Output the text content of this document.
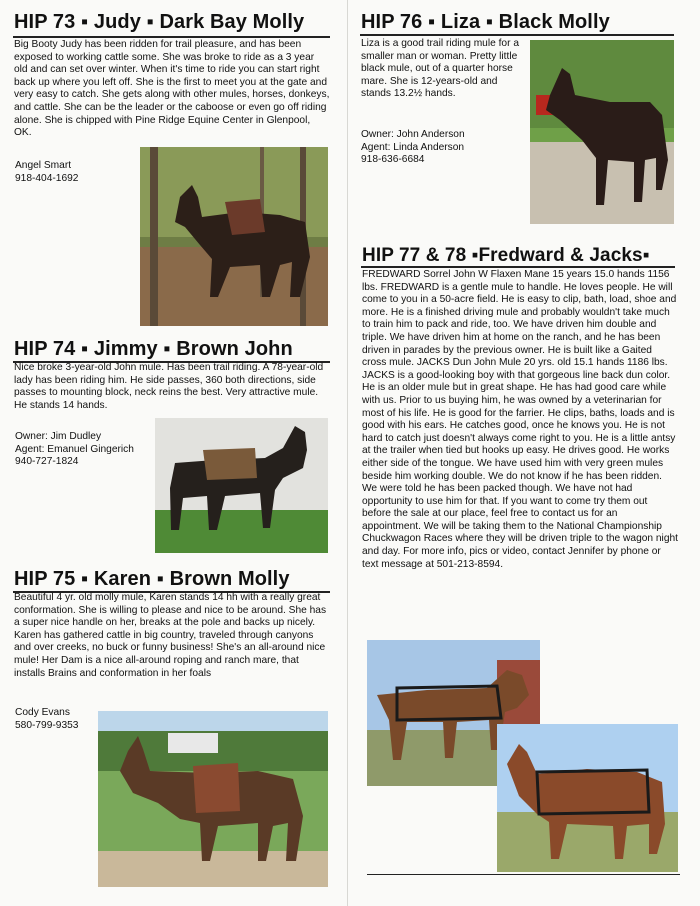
HIP 73 ▪ Judy ▪ Dark Bay Molly

Big Booty Judy has been ridden for trail pleasure, and has been exposed to working cattle some. She was broke to ride as a 3 year old and can set over winter. When it's time to ride you can start right back up where you left off. She is the first to meet you at the gate and very easy to catch. She gets along with other mules, horses, donkeys, and cattle. She can be the leader or the caboose or even go off riding alone. She is chipped with Pine Ridge Equine Center in Glenpool, OK.

Angel Smart
918-404-1692
HIP 74 ▪ Jimmy ▪ Brown John

Nice broke 3-year-old John mule. Has been trail riding. A 78-year-old lady has been riding him. He side passes, 360 both directions, side passes to mounting block, neck reins the best. Very attractive mule. He stands 14 hands.

Owner: Jim Dudley
Agent: Emanuel Gingerich
940-727-1824
HIP 75 ▪ Karen ▪ Brown Molly

Beautiful 4 yr. old molly mule, Karen stands 14 hh with a really great conformation. She is willing to please and nice to be around. She has a super nice handle on her, breaks at the pole and backs up nicely. Karen has gathered cattle in big country, traveled through canyons and over creeks, no buck or funny business! She's an all-around nice mule! Her Dam is a nice all-around roping and ranch mare, that installs Brains and conformation in her foals

Cody Evans
580-799-9353
HIP 76 ▪ Liza ▪ Black Molly

Liza is a good trail riding mule for a smaller man or woman. Pretty little black mule, out of a quarter horse mare. She is 12-years-old and stands 13.2½ hands.

Owner: John Anderson
Agent: Linda Anderson
918-636-6684
HIP 77 & 78 ▪Fredward & Jacks▪

FREDWARD Sorrel John W Flaxen Mane 15 years 15.0 hands 1156 lbs. FREDWARD is a gentle mule to handle. He loves people. He will come to you in a 50-acre field. He is easy to clip, bath, load, shoe and more. He is a finished driving mule and probably wouldn't take much to train him to pack and ride, too. We have driven him double and triple. We have driven him at home on the ranch, and he has been driven in parades by the previous owner. He is built like a Gaited cross mule. JACKS Dun John Mule 20 yrs. old 15.1 hands 1186 lbs. JACKS is a good-looking boy with that gorgeous line back dun color. He is an older mule but in great shape. He has had good care while with us. Prior to us buying him, he was owned by a veterinarian for most of his life. He is good for the farrier. He clips, baths, loads and is good with his ears. He catches good, once he knows you. He is not hard to catch just doesn't always come right to you. He is a little antsy at the trailer when tied but hooks up easy. He drives good. He works either side of the tongue. We have used him with very green mules beside him working double. We do not know if he has been ridden. We were told he has been packed though. We have not had opportunity to use him for that. If you want to come try them out before the sale at our place, feel free to contact us for an appointment. We will be taking them to the National Championship Chuckwagon Races where they will be driven triple to the wagon night and day. For more info, pics or video, contact Jennifer by phone or text message at 501-213-8594.
